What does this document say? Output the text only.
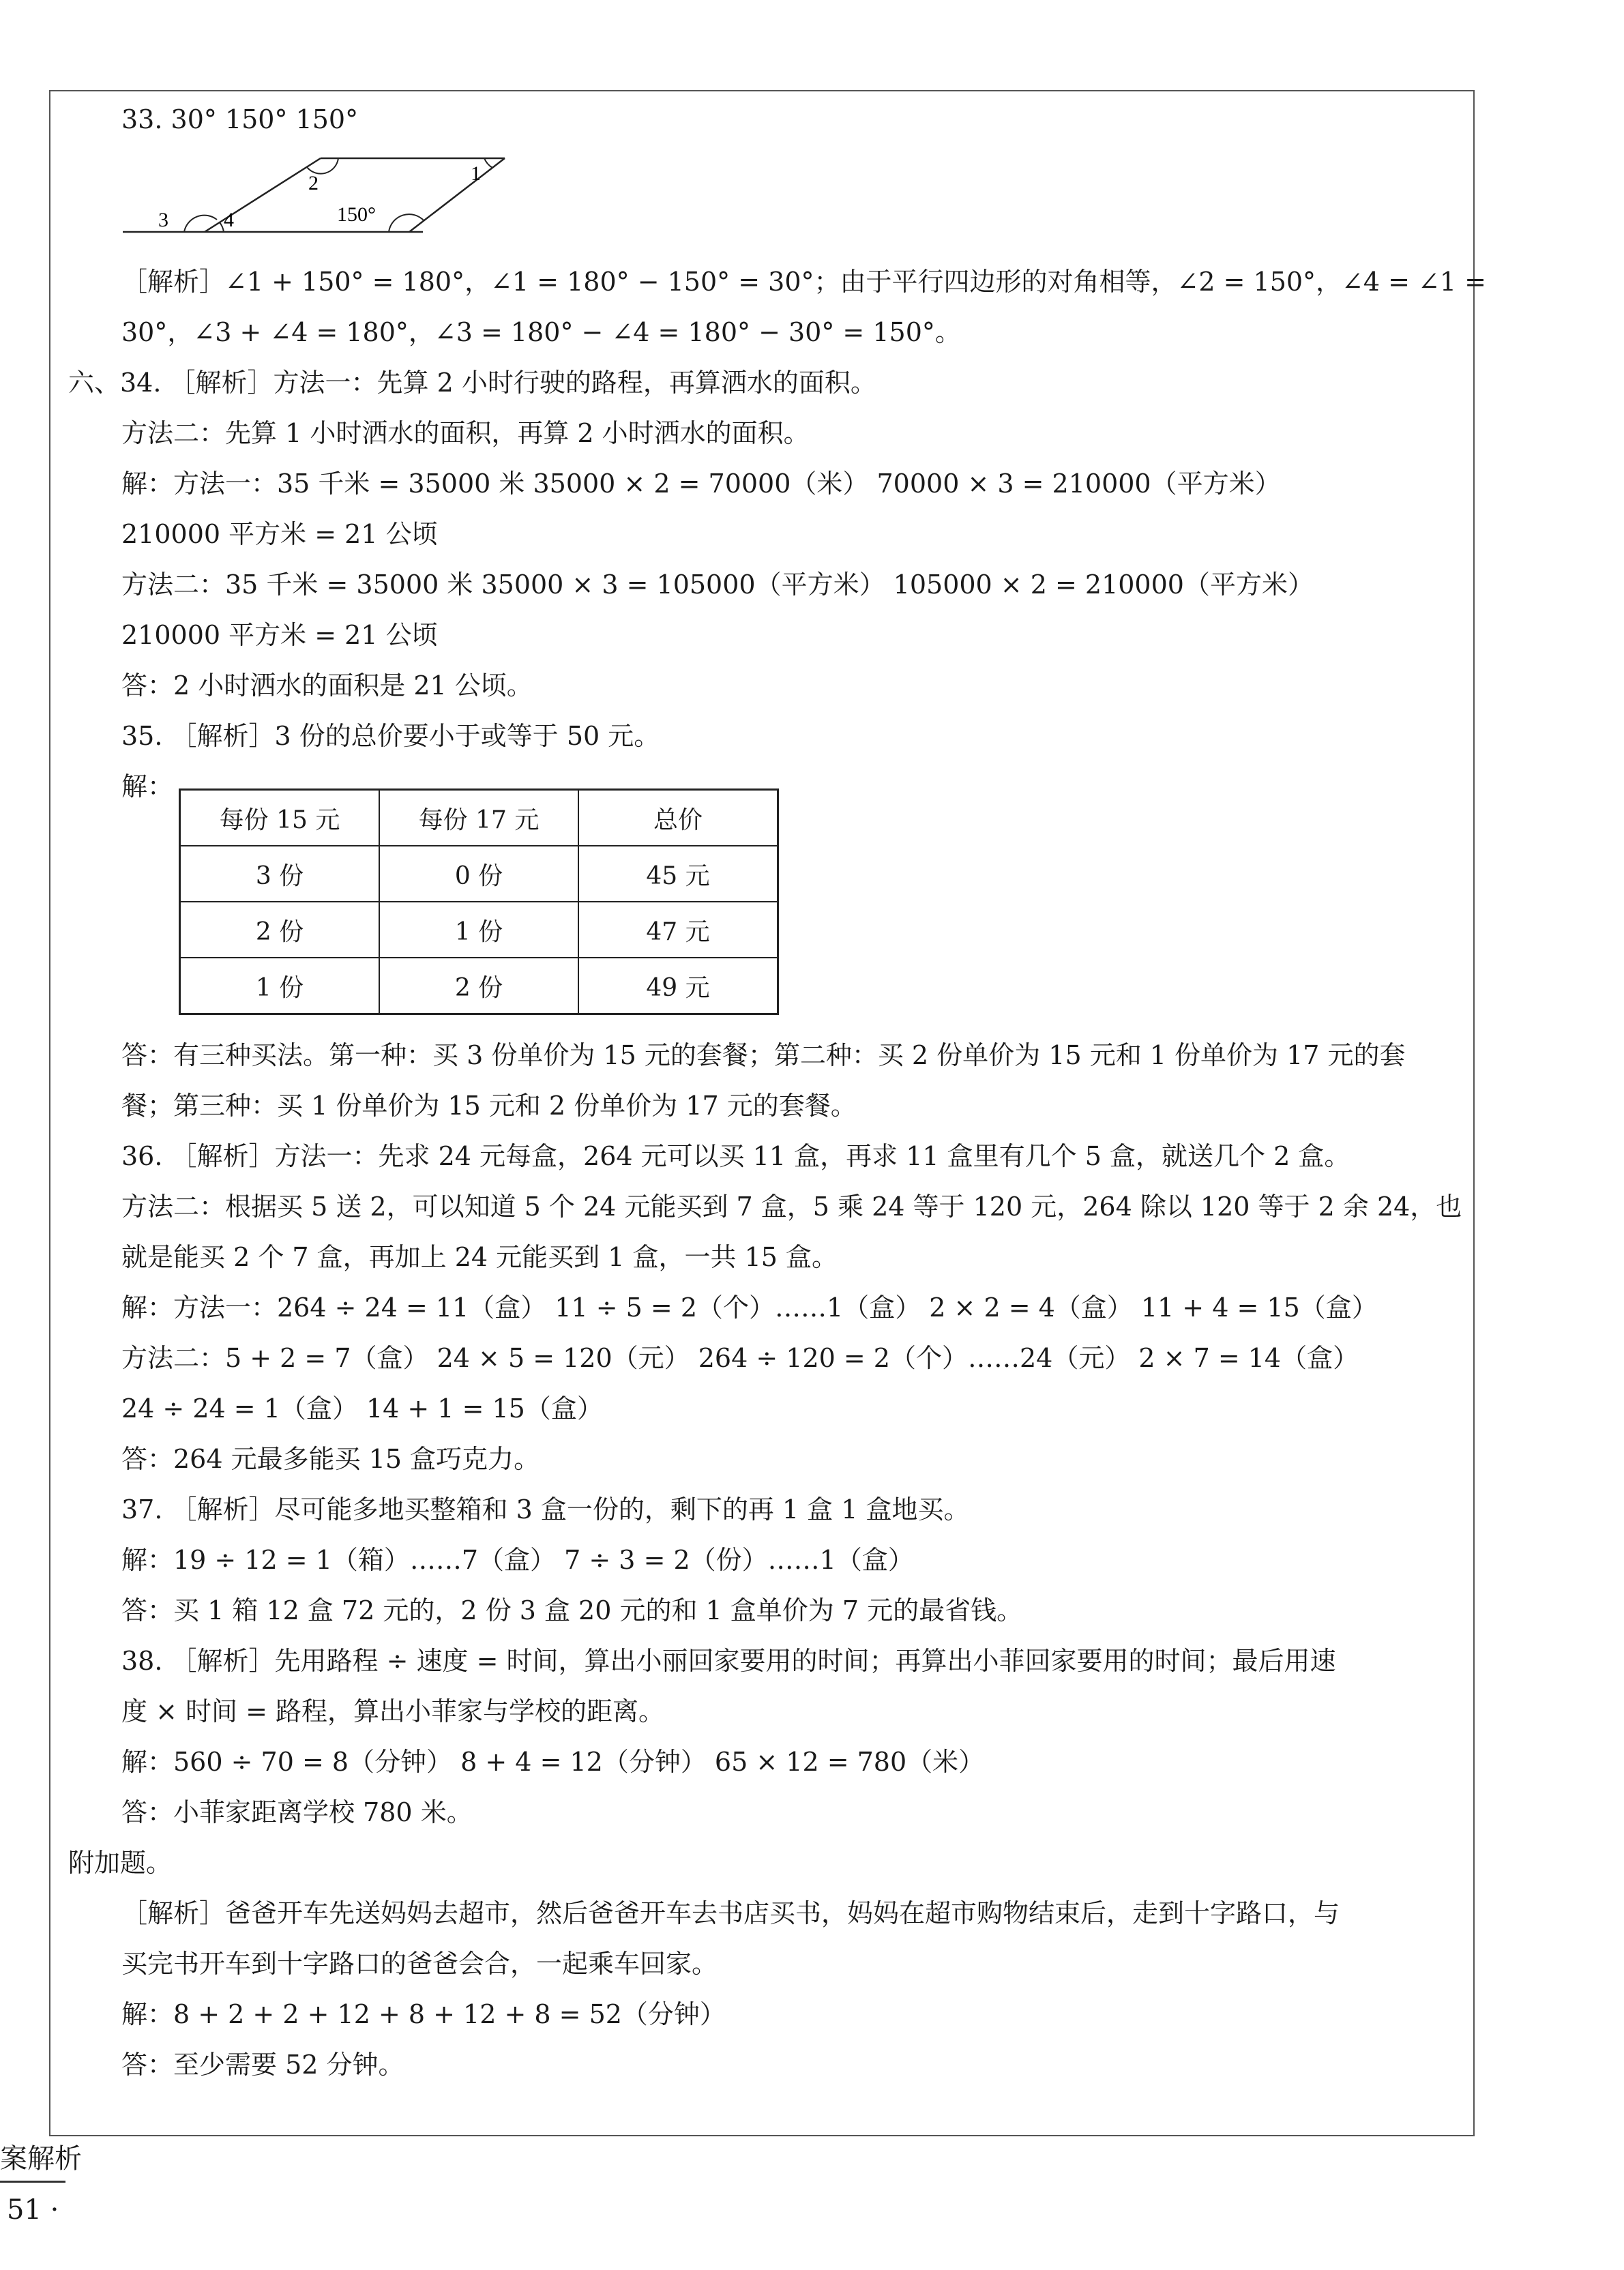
33. 30° 150° 150°
3	4
2	1
150°
［解析］∠1 + 150° = 180°，∠1 = 180° − 150° = 30°；由于平行四边形的对角相等，∠2 = 150°，∠4 = ∠1 =
30°，∠3 + ∠4 = 180°，∠3 = 180° − ∠4 = 180° − 30° = 150°。
六、34. ［解析］方法一：先算 2 小时行驶的路程，再算洒水的面积。
方法二：先算 1 小时洒水的面积，再算 2 小时洒水的面积。
解：方法一：35 千米 = 35000 米 35000 × 2 = 70000（米） 70000 × 3 = 210000（平方米）
210000 平方米 = 21 公顷
方法二：35 千米 = 35000 米 35000 × 3 = 105000（平方米） 105000 × 2 = 210000（平方米）
210000 平方米 = 21 公顷
答：2 小时洒水的面积是 21 公顷。
35. ［解析］3 份的总价要小于或等于 50 元。
解：
每份 15 元	每份 17 元	总价
3 份	0 份	45 元
2 份	1 份	47 元
1 份	2 份	49 元
答：有三种买法。第一种：买 3 份单价为 15 元的套餐；第二种：买 2 份单价为 15 元和 1 份单价为 17 元的套
餐；第三种：买 1 份单价为 15 元和 2 份单价为 17 元的套餐。
36. ［解析］方法一：先求 24 元每盒，264 元可以买 11 盒，再求 11 盒里有几个 5 盒，就送几个 2 盒。
方法二：根据买 5 送 2，可以知道 5 个 24 元能买到 7 盒，5 乘 24 等于 120 元，264 除以 120 等于 2 余 24，也
就是能买 2 个 7 盒，再加上 24 元能买到 1 盒，一共 15 盒。
解：方法一：264 ÷ 24 = 11（盒） 11 ÷ 5 = 2（个）……1（盒） 2 × 2 = 4（盒） 11 + 4 = 15（盒）
方法二：5 + 2 = 7（盒） 24 × 5 = 120（元） 264 ÷ 120 = 2（个）……24（元） 2 × 7 = 14（盒）
24 ÷ 24 = 1（盒） 14 + 1 = 15（盒）
答：264 元最多能买 15 盒巧克力。
37. ［解析］尽可能多地买整箱和 3 盒一份的，剩下的再 1 盒 1 盒地买。
解：19 ÷ 12 = 1（箱）……7（盒） 7 ÷ 3 = 2（份）……1（盒）
答：买 1 箱 12 盒 72 元的，2 份 3 盒 20 元的和 1 盒单价为 7 元的最省钱。
38. ［解析］先用路程 ÷ 速度 = 时间，算出小丽回家要用的时间；再算出小菲回家要用的时间；最后用速
度 × 时间 = 路程，算出小菲家与学校的距离。
解：560 ÷ 70 = 8（分钟） 8 + 4 = 12（分钟） 65 × 12 = 780（米）
答：小菲家距离学校 780 米。
附加题。
［解析］爸爸开车先送妈妈去超市，然后爸爸开车去书店买书，妈妈在超市购物结束后，走到十字路口，与
买完书开车到十字路口的爸爸会合，一起乘车回家。
解：8 + 2 + 2 + 12 + 8 + 12 + 8 = 52（分钟）
答：至少需要 52 分钟。
案解析
51 ·
